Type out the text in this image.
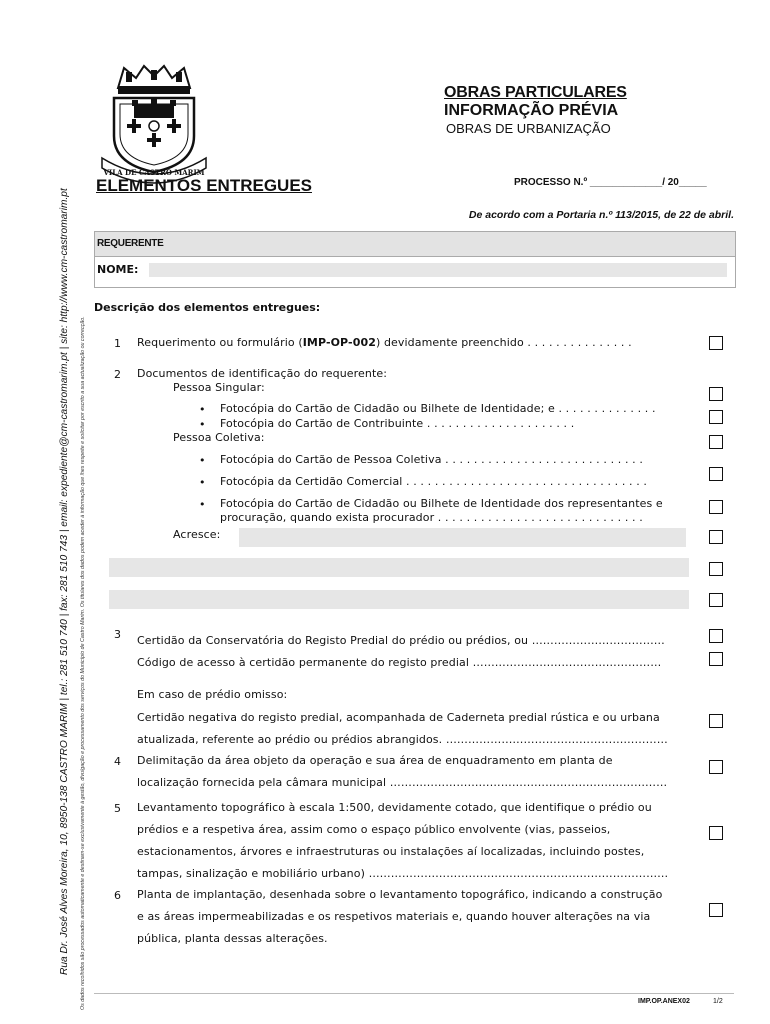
Rua Dr. José Alves Moreira, 10, 8950-138 CASTRO MARIM | tel.: 281 510 740 | fax: 281 510 743 | email: expediente@cm-castromarim.pt | site: http://www.cm-castromarim.pt Os dados recolhidos são processados automaticamente e destinam-se exclusivamente à gestão, divulgação e processamento dos serviços do Município de Castro Marim. Os titulares dos dados podem aceder à informação que lhes respeite e solicitar por escrito a sua actualização ou correcção.
VILA DE CASTRO MARIM
OBRAS PARTICULARES
INFORMAÇÃO PRÉVIA
OBRAS DE URBANIZAÇÃO
ELEMENTOS ENTREGUES	PROCESSO N.º _____________/ 20_____
De acordo com a Portaria n.º 113/2015, de 22 de abril.
REQUERENTE
NOME:
Descrição dos elementos entregues:
1 Requerimento ou formulário (IMP-OP-002) devidamente preenchido . . . . . . . . . . . . . . .
2 Documentos de identificação do requerente:
Pessoa Singular:
• Fotocópia do Cartão de Cidadão ou Bilhete de Identidade; e . . . . . . . . . . . . . .
• Fotocópia do Cartão de Contribuinte . . . . . . . . . . . . . . . . . . . . .
Pessoa Coletiva:
• Fotocópia do Cartão de Pessoa Coletiva . . . . . . . . . . . . . . . . . . . . . . . . . . . .
• Fotocópia da Certidão Comercial . . . . . . . . . . . . . . . . . . . . . . . . . . . . . . . . . .
• Fotocópia do Cartão de Cidadão ou Bilhete de Identidade dos representantes e
procuração, quando exista procurador . . . . . . . . . . . . . . . . . . . . . . . . . . . . .
Acresce:
3 Certidão da Conservatória do Registo Predial do prédio ou prédios, ou ………………………………
Código de acesso à certidão permanente do registo predial ……………………………………………
Em caso de prédio omisso:
Certidão negativa do registo predial, acompanhada de Caderneta predial rústica e ou urbana
atualizada, referente ao prédio ou prédios abrangidos. ……………………………………………………
4 Delimitação da área objeto da operação e sua área de enquadramento em planta de
localização fornecida pela câmara municipal …………………………………………………………………
5 Levantamento topográfico à escala 1:500, devidamente cotado, que identifique o prédio ou
prédios e a respetiva área, assim como o espaço público envolvente (vias, passeios,
estacionamentos, árvores e infraestruturas ou instalações aí localizadas, incluindo postes,
tampas, sinalização e mobiliário urbano) ………………………………………………………………………
6 Planta de implantação, desenhada sobre o levantamento topográfico, indicando a construção
e as áreas impermeabilizadas e os respetivos materiais e, quando houver alterações na via
pública, planta dessas alterações.
IMP.OP.ANEX02	1/2
